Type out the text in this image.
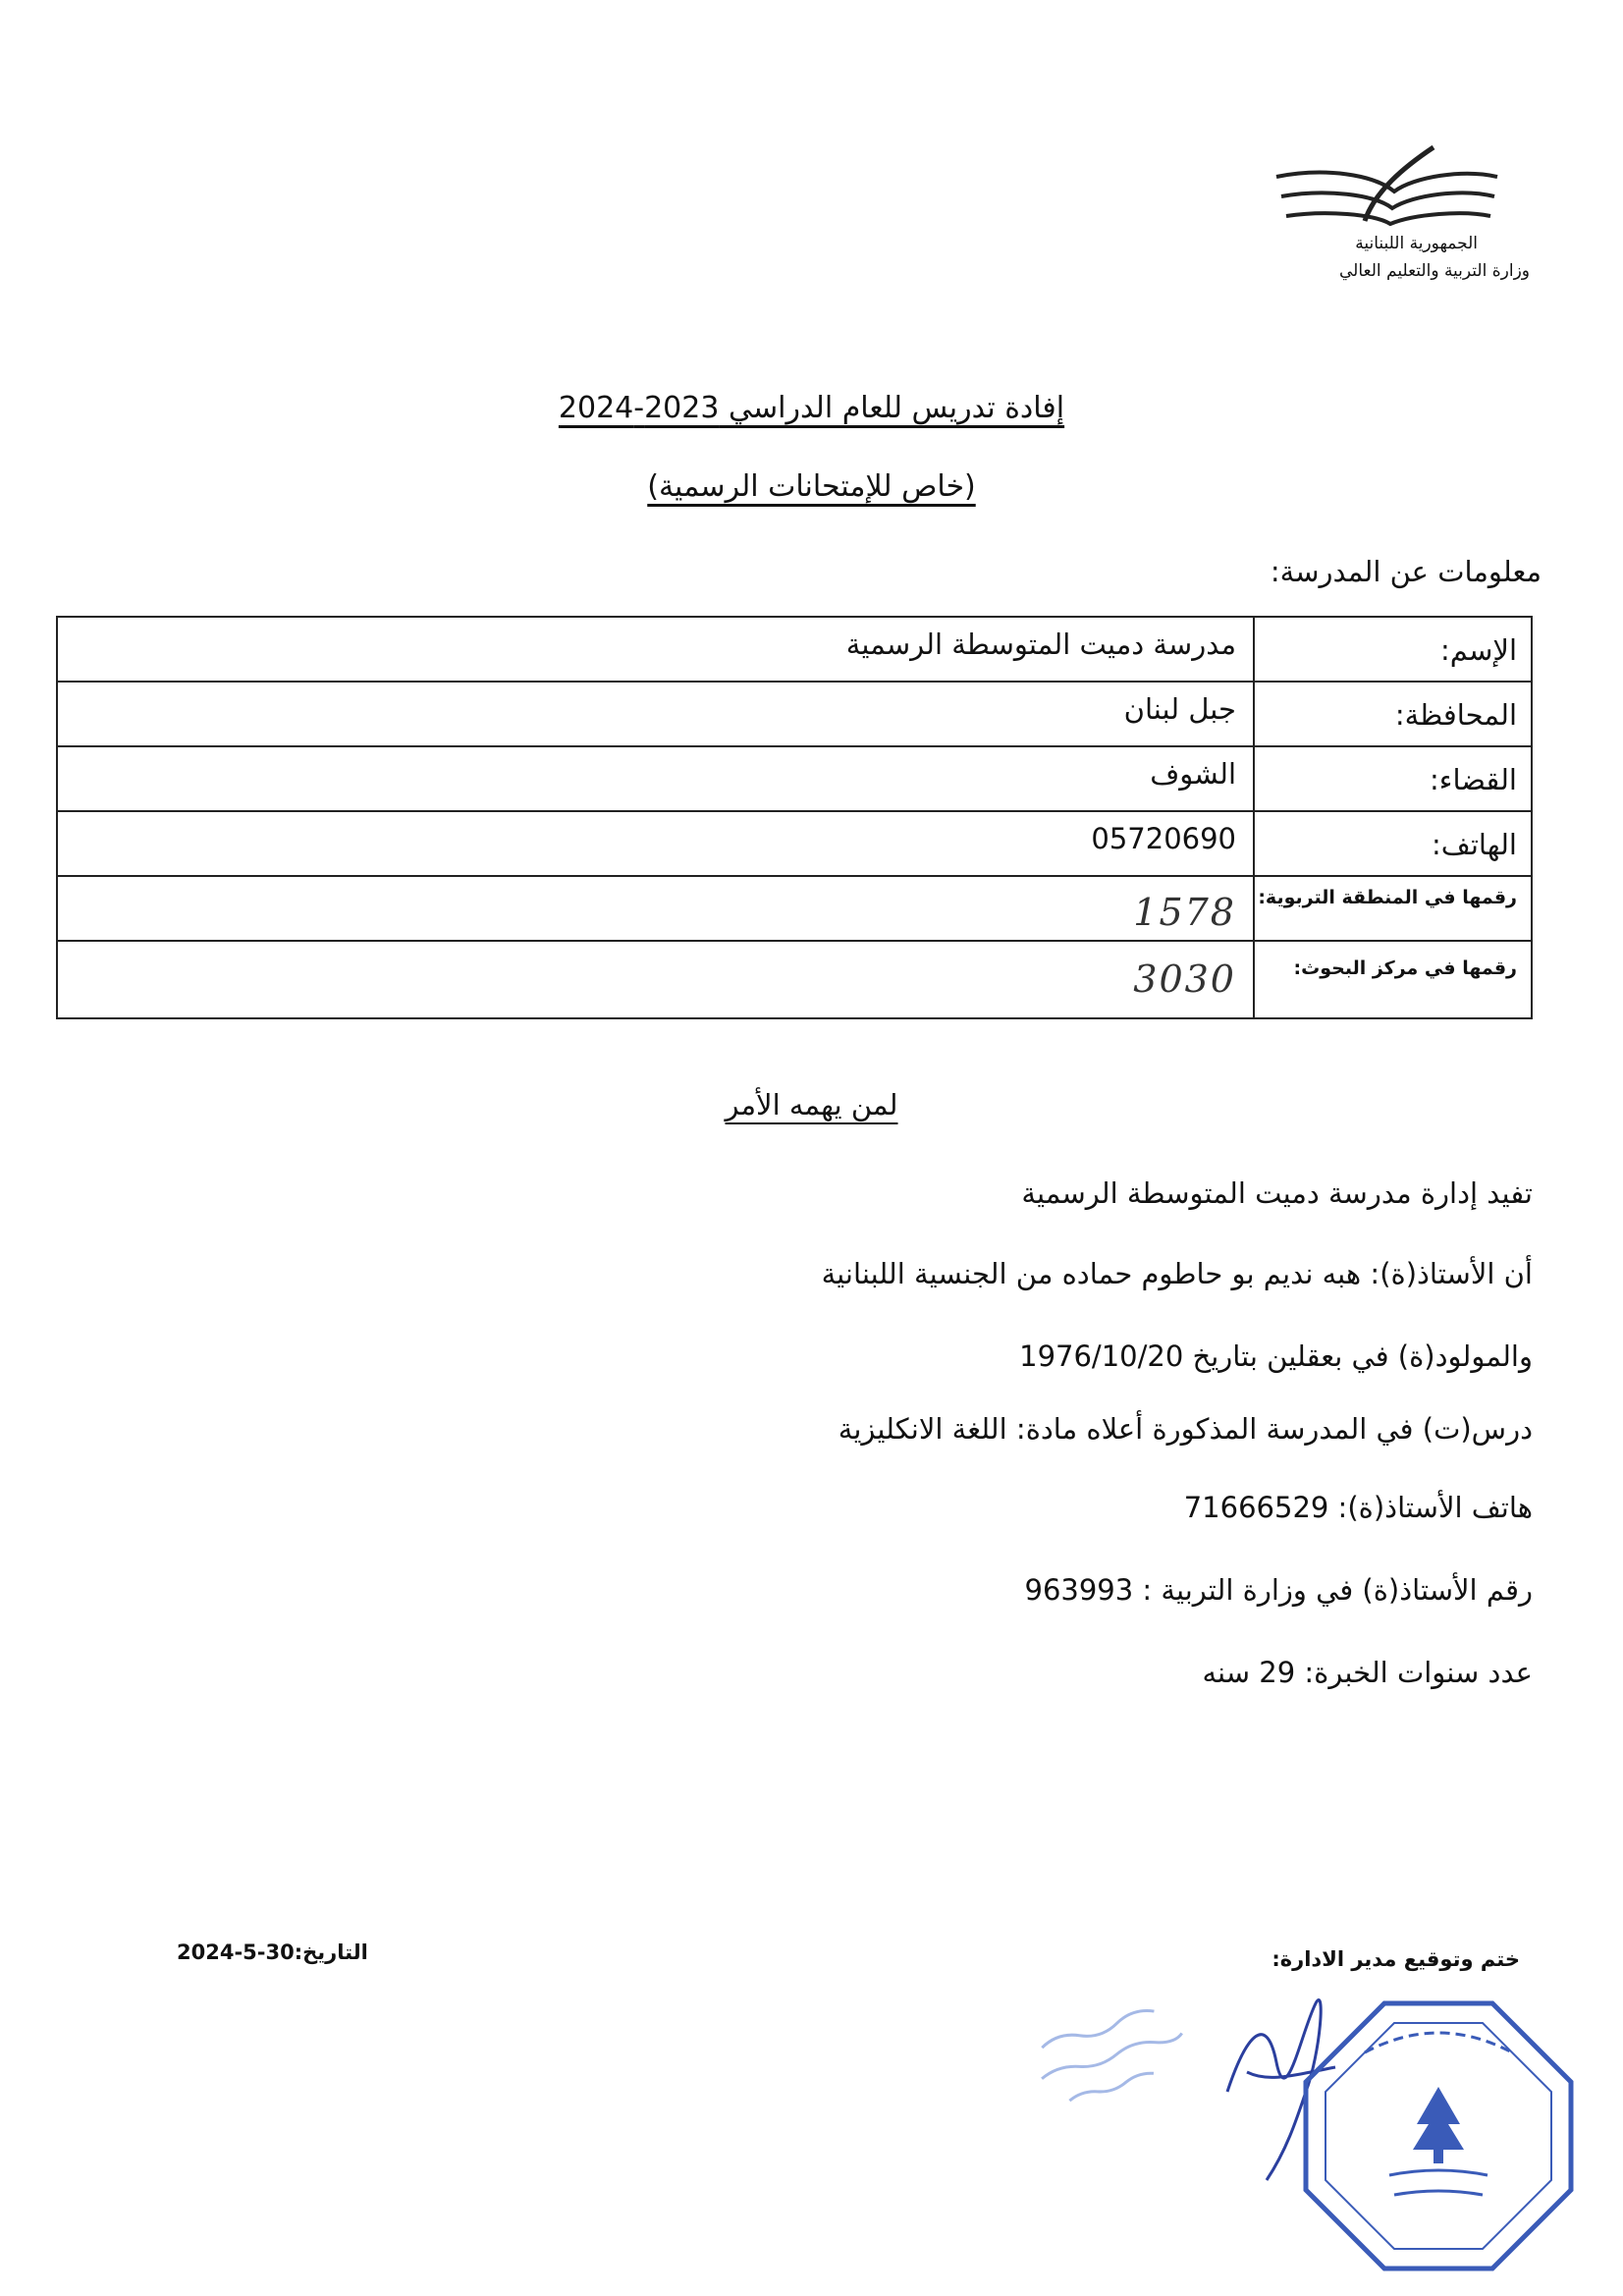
الجمهورية اللبنانية
وزارة التربية والتعليم العالي
إفادة تدريس للعام الدراسي 2023-2024
(خاص للإمتحانات الرسمية)
معلومات عن المدرسة:
الإسم:
مدرسة دميت المتوسطة الرسمية
المحافظة:
جبل لبنان
القضاء:
الشوف
الهاتف:
05720690
رقمها في المنطقة التربوية:
1578
رقمها في مركز البحوث:
3030
لمن يهمه الأمر
تفيد إدارة مدرسة دميت المتوسطة الرسمية
أن الأستاذ(ة): هبه نديم بو حاطوم حماده من الجنسية اللبنانية
والمولود(ة) في بعقلين بتاريخ 1976/10/20
درس(ت) في المدرسة المذكورة أعلاه مادة: اللغة الانكليزية
هاتف الأستاذ(ة): 71666529
رقم الأستاذ(ة) في وزارة التربية : 963993
عدد سنوات الخبرة: 29 سنه
ختم وتوقيع مدير الادارة:
التاريخ:30-5-2024
